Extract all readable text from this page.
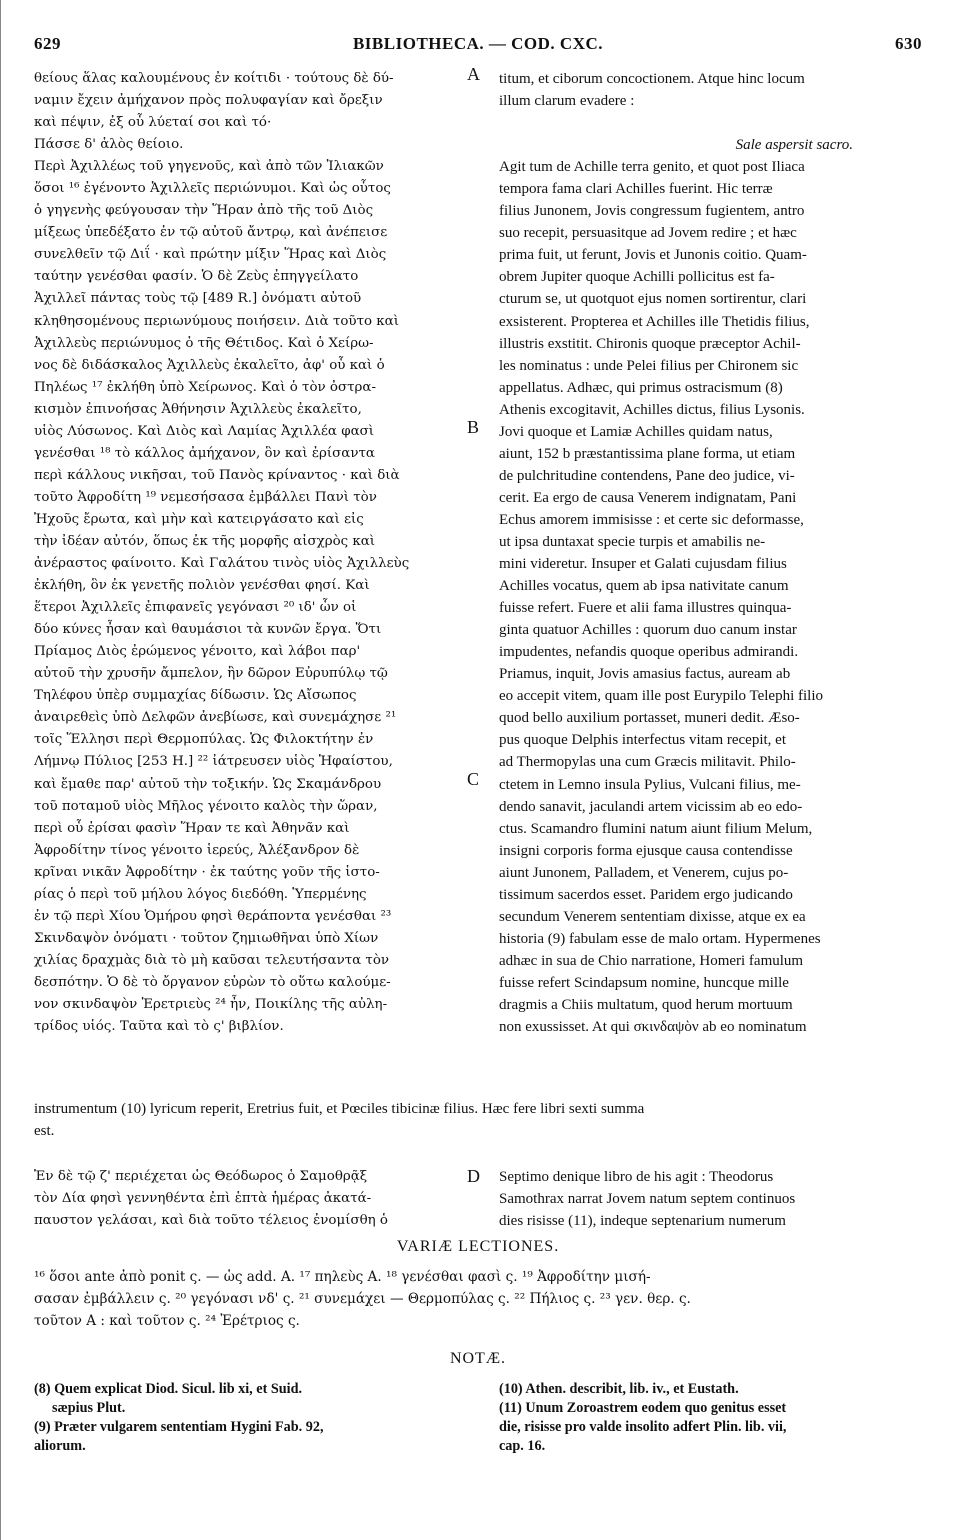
629	BIBLIOTHECA. — COD. CXC.	630
θείους ἅλας καλουμένους ἐν κοίτιδι · τούτους δὲ δύ-
ναμιν ἔχειν ἀμήχανον πρὸς πολυφαγίαν καὶ ὄρεξιν
καὶ πέψιν, ἐξ οὗ λύεταί σοι καὶ τό·
Πάσσε δ' ἁλὸς θείοιο.
Περὶ Ἀχιλλέως τοῦ γηγενοῦς, καὶ ἀπὸ τῶν Ἰλιακῶν
ὅσοι ¹⁶ ἐγένοντο Ἀχιλλεῖς περιώνυμοι. Καὶ ὡς οὗτος
ὁ γηγενὴς φεύγουσαν τὴν Ἥραν ἀπὸ τῆς τοῦ Διὸς
μίξεως ὑπεδέξατο ἐν τῷ αὐτοῦ ἄντρῳ, καὶ ἀνέπεισε
συνελθεῖν τῷ Διΐ · καὶ πρώτην μίξιν Ἥρας καὶ Διὸς
ταύτην γενέσθαι φασίν. Ὁ δὲ Ζεὺς ἐπηγγείλατο
Ἀχιλλεῖ πάντας τοὺς τῷ [489 R.] ὀνόματι αὐτοῦ
κληθησομένους περιωνύμους ποιήσειν. Διὰ τοῦτο καὶ
Ἀχιλλεὺς περιώνυμος ὁ τῆς Θέτιδος. Καὶ ὁ Χείρω-
νος δὲ διδάσκαλος Ἀχιλλεὺς ἐκαλεῖτο, ἀφ' οὗ καὶ ὁ
Πηλέως ¹⁷ ἐκλήθη ὑπὸ Χείρωνος. Καὶ ὁ τὸν ὀστρα-
κισμὸν ἐπινοήσας Ἀθήνησιν Ἀχιλλεὺς ἐκαλεῖτο,
υἱὸς Λύσωνος. Καὶ Διὸς καὶ Λαμίας Ἀχιλλέα φασὶ
γενέσθαι ¹⁸ τὸ κάλλος ἀμήχανον, ὃν καὶ ἐρίσαντα
περὶ κάλλους νικῆσαι, τοῦ Πανὸς κρίναντος · καὶ διὰ
τοῦτο Ἀφροδίτη ¹⁹ νεμεσήσασα ἐμβάλλει Πανὶ τὸν
Ἠχοῦς ἔρωτα, καὶ μὴν καὶ κατειργάσατο καὶ εἰς
τὴν ἰδέαν αὐτόν, ὅπως ἐκ τῆς μορφῆς αἰσχρὸς καὶ
ἀνέραστος φαίνοιτο. Καὶ Γαλάτου τινὸς υἱὸς Ἀχιλλεὺς
ἐκλήθη, ὃν ἐκ γενετῆς πολιὸν γενέσθαι φησί. Καὶ
ἕτεροι Ἀχιλλεῖς ἐπιφανεῖς γεγόνασι ²⁰ ιδ' ὧν οἱ
δύο κύνες ἦσαν καὶ θαυμάσιοι τὰ κυνῶν ἔργα. Ὅτι
Πρίαμος Διὸς ἐρώμενος γένοιτο, καὶ λάβοι παρ'
αὐτοῦ τὴν χρυσῆν ἄμπελον, ἣν δῶρον Εὐρυπύλῳ τῷ
Τηλέφου ὑπὲρ συμμαχίας δίδωσιν. Ὡς Αἴσωπος
ἀναιρεθεὶς ὑπὸ Δελφῶν ἀνεβίωσε, καὶ συνεμάχησε ²¹
τοῖς Ἕλλησι περὶ Θερμοπύλας. Ὡς Φιλοκτήτην ἐν
Λήμνῳ Πύλιος [253 H.] ²² ἰάτρευσεν υἱὸς Ἡφαίστου,
καὶ ἔμαθε παρ' αὐτοῦ τὴν τοξικήν. Ὡς Σκαμάνδρου
τοῦ ποταμοῦ υἱὸς Μῆλος γένοιτο καλὸς τὴν ὥραν,
περὶ οὗ ἐρίσαι φασὶν Ἥραν τε καὶ Ἀθηνᾶν καὶ
Ἀφροδίτην τίνος γένοιτο ἱερεύς, Ἀλέξανδρον δὲ
κρῖναι νικᾶν Ἀφροδίτην · ἐκ ταύτης γοῦν τῆς ἱστο-
ρίας ὁ περὶ τοῦ μήλου λόγος διεδόθη. Ὑπερμένης
ἐν τῷ περὶ Χίου Ὁμήρου φησὶ θεράποντα γενέσθαι ²³
Σκινδαψὸν ὀνόματι · τοῦτον ζημιωθῆναι ὑπὸ Χίων
χιλίας δραχμὰς διὰ τὸ μὴ καῦσαι τελευτήσαντα τὸν
δεσπότην. Ὁ δὲ τὸ ὄργανον εὑρὼν τὸ οὕτω καλούμε-
νον σκινδαψὸν Ἐρετριεὺς ²⁴ ἦν, Ποικίλης τῆς αὐλη-
τρίδος υἱός. Ταῦτα καὶ τὸ ς' βιβλίον.
titum, et ciborum concoctionem. Atque hinc locum
illum clarum evadere :
Sale aspersit sacro.
Agit tum de Achille terra genito, et quot post Iliaca
tempora fama clari Achilles fuerint. Hic terræ
filius Junonem, Jovis congressum fugientem, antro
suo recepit, persuasitque ad Jovem redire ; et hæc
prima fuit, ut ferunt, Jovis et Junonis coitio. Quam-
obrem Jupiter quoque Achilli pollicitus est fa-
cturum se, ut quotquot ejus nomen sortirentur, clari
exsisterent. Propterea et Achilles ille Thetidis filius,
illustris exstitit. Chironis quoque præceptor Achil-
les nominatus : unde Pelei filius per Chironem sic
appellatus. Adhæc, qui primus ostracismum (8)
Athenis excogitavit, Achilles dictus, filius Lysonis.
Jovi quoque et Lamiæ Achilles quidam natus,
aiunt, 152 b præstantissima plane forma, ut etiam
de pulchritudine contendens, Pane deo judice, vi-
cerit. Ea ergo de causa Venerem indignatam, Pani
Echus amorem immisisse : et certe sic deformasse,
ut ipsa duntaxat specie turpis et amabilis ne-
mini videretur. Insuper et Galati cujusdam filius
Achilles vocatus, quem ab ipsa nativitate canum
fuisse refert. Fuere et alii fama illustres quinqua-
ginta quatuor Achilles : quorum duo canum instar
impudentes, nefandis quoque operibus admirandi.
Priamus, inquit, Jovis amasius factus, auream ab
eo accepit vitem, quam ille post Eurypilo Telephi filio
quod bello auxilium portasset, muneri dedit. Æso-
pus quoque Delphis interfectus vitam recepit, et
ad Thermopylas una cum Græcis militavit. Philo-
ctetem in Lemno insula Pylius, Vulcani filius, me-
dendo sanavit, jaculandi artem vicissim ab eo edo-
ctus. Scamandro flumini natum aiunt filium Melum,
insigni corporis forma ejusque causa contendisse
aiunt Junonem, Palladem, et Venerem, cujus po-
tissimum sacerdos esset. Paridem ergo judicando
secundum Venerem sententiam dixisse, atque ex ea
historia (9) fabulam esse de malo ortam. Hypermenes
adhæc in sua de Chio narratione, Homeri famulum
fuisse refert Scindapsum nomine, huncque mille
dragmis a Chiis multatum, quod herum mortuum
non exussisset. At qui σκινδαψὸν ab eo nominatum
A
B
C
D
instrumentum (10) lyricum reperit, Eretrius fuit, et Pœciles tibicinæ filius. Hæc fere libri sexti summa
est.
Ἐν δὲ τῷ ζ' περιέχεται ὡς Θεόδωρος ὁ Σαμοθρᾷξ
τὸν Δία φησὶ γεννηθέντα ἐπὶ ἑπτὰ ἡμέρας ἀκατά-
παυστον γελάσαι, καὶ διὰ τοῦτο τέλειος ἐνομίσθη ὁ
Septimo denique libro de his agit : Theodorus
Samothrax narrat Jovem natum septem continuos
dies risisse (11), indeque septenarium numerum
VARIÆ LECTIONES.
¹⁶ ὅσοι ante ἀπὸ ponit ς. — ὡς add. A. ¹⁷ πηλεὺς A. ¹⁸ γενέσθαι φασὶ ς. ¹⁹ Ἀφροδίτην μισή-
σασαν ἐμβάλλειν ς. ²⁰ γεγόνασι νδ' ς. ²¹ συνεμάχει — Θερμοπύλας ς. ²² Πήλιος ς. ²³ γεν. θερ. ς.
τοῦτον A : καὶ τοῦτον ς. ²⁴ Ἐρέτριος ς.
NOTÆ.
(8) Quem explicat Diod. Sicul. lib xi, et Suid.
sæpius Plut.
(9) Præter vulgarem sententiam Hygini Fab. 92,
aliorum.
(10) Athen. describit, lib. iv., et Eustath.
(11) Unum Zoroastrem eodem quo genitus esset
die, risisse pro valde insolito adfert Plin. lib. vii,
cap. 16.
